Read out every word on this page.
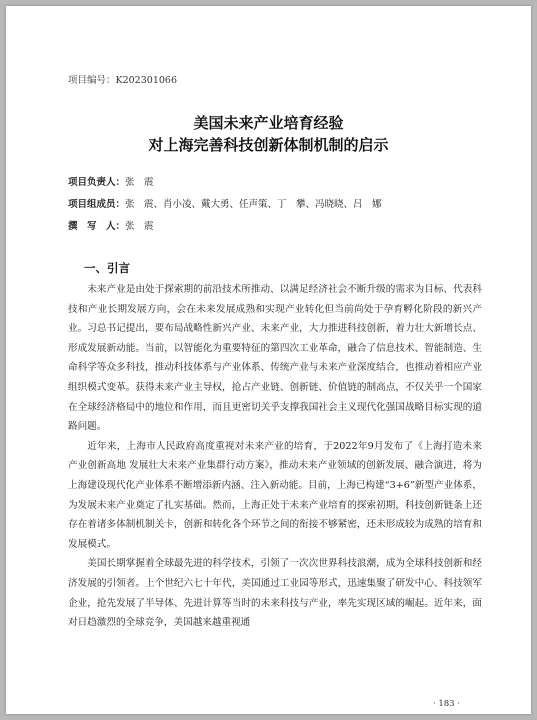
项目编号：K202301066
美国未来产业培育经验
对上海完善科技创新体制机制的启示
项目负责人：张　震
项目组成员：张　震、肖小凌、戴大勇、任声策、丁　攀、冯晓晓、吕　娜
撰　写　人：张　震
一、引言

未来产业是由处于探索期的前沿技术所推动、以满足经济社会不断升级的需求为目标、代表科技和产业长期发展方向，会在未来发展成熟和实现产业转化但当前尚处于孕育孵化阶段的新兴产业。习总书记提出，要布局战略性新兴产业、未来产业，大力推进科技创新，着力壮大新增长点、形成发展新动能。当前，以智能化为重要特征的第四次工业革命，融合了信息技术、智能制造、生命科学等众多科技，推动科技体系与产业体系、传统产业与未来产业深度结合，也推动着相应产业组织模式变革。获得未来产业主导权，抢占产业链、创新链、价值链的制高点，不仅关乎一个国家在全球经济格局中的地位和作用，而且更密切关乎支撑我国社会主义现代化强国战略目标实现的道路问题。

近年来，上海市人民政府高度重视对未来产业的培育，于2022年9月发布了《上海打造未来产业创新高地 发展壮大未来产业集群行动方案》，推动未来产业领域的创新发展、融合演进，将为上海建设现代化产业体系不断增添新内涵、注入新动能。目前，上海已构建“3+6”新型产业体系，为发展未来产业奠定了扎实基础。然而，上海正处于未来产业培育的探索初期，科技创新链条上还存在着诸多体制机制关卡，创新和转化各个环节之间的衔接不够紧密，还未形成较为成熟的培育和发展模式。

美国长期掌握着全球最先进的科学技术，引领了一次次世界科技浪潮，成为全球科技创新和经济发展的引领者。上个世纪六七十年代，美国通过工业园等形式，迅速集聚了研发中心、科技领军企业，抢先发展了半导体、先进计算等当时的未来科技与产业，率先实现区域的崛起。近年来，面对日趋激烈的全球竞争，美国越来越重视通

· 183 ·
